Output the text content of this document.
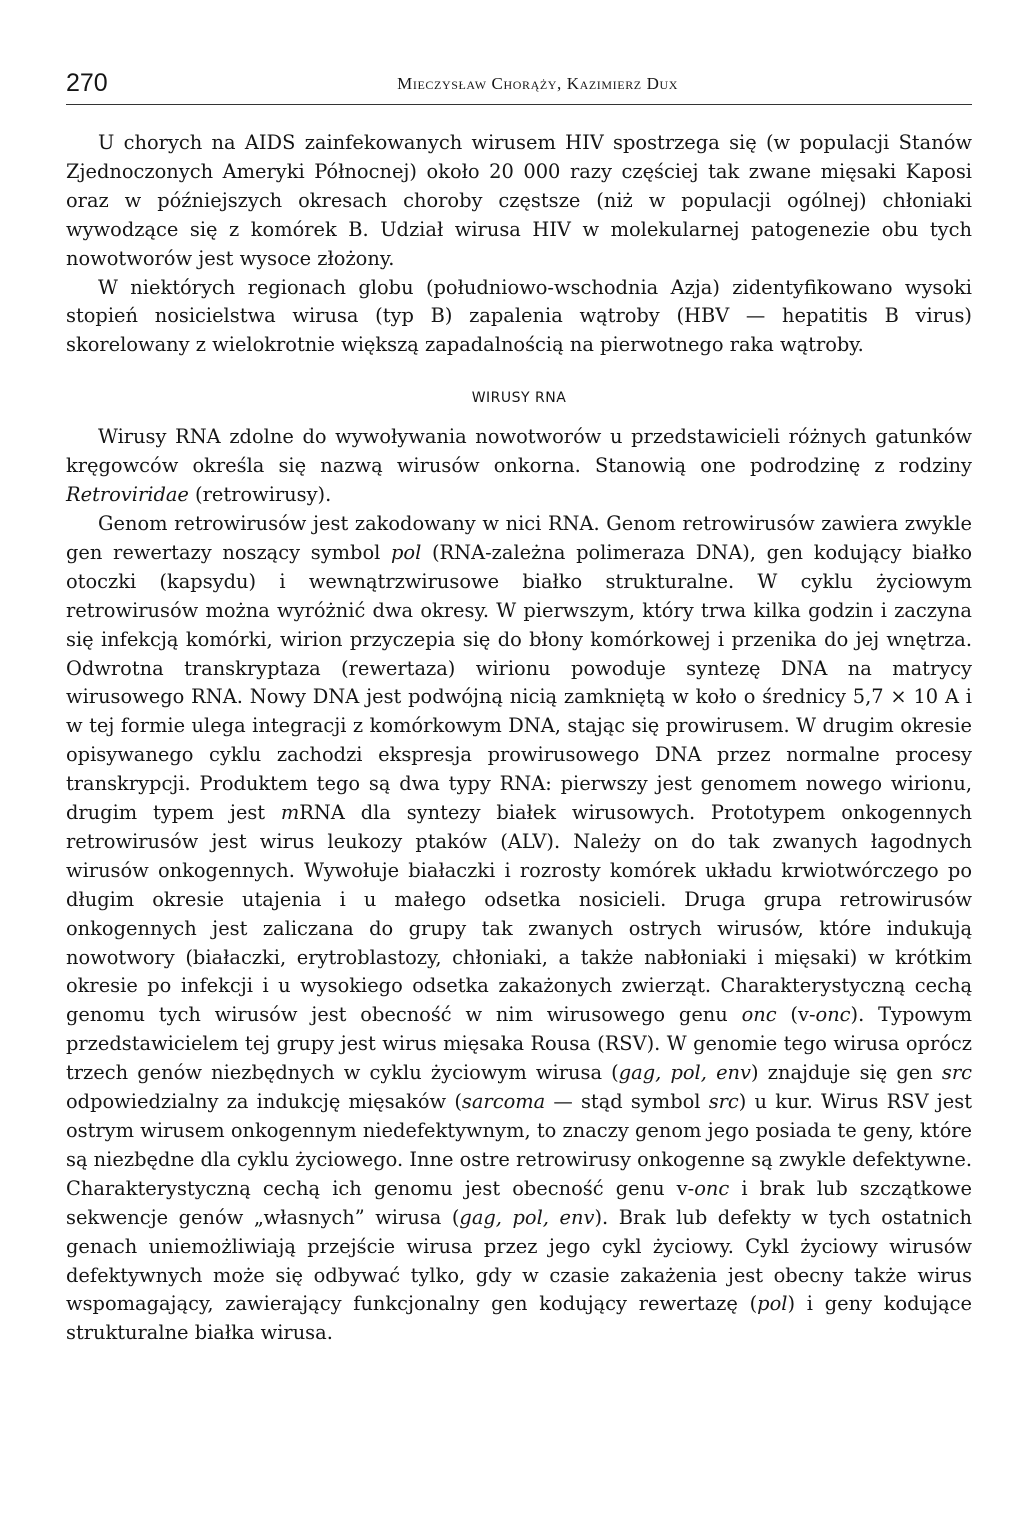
270	Mieczysław Chorąży, Kazimierz Dux

U chorych na AIDS zainfekowanych wirusem HIV spostrzega się (w populacji Stanów Zjednoczonych Ameryki Północnej) około 20 000 razy częściej tak zwane mięsaki Kaposi oraz w późniejszych okresach choroby częstsze (niż w populacji ogólnej) chłoniaki wywodzące się z komórek B. Udział wirusa HIV w molekularnej patogenezie obu tych nowotworów jest wysoce złożony.

W niektórych regionach globu (południowo-wschodnia Azja) zidentyfikowano wysoki stopień nosicielstwa wirusa (typ B) zapalenia wątroby (HBV — hepatitis B virus) skorelowany z wielokrotnie większą zapadalnością na pierwotnego raka wątroby.

WIRUSY RNA

Wirusy RNA zdolne do wywoływania nowotworów u przedstawicieli różnych gatunków kręgowców określa się nazwą wirusów onkorna. Stanowią one podrodzinę z rodziny Retroviridae (retrowirusy).

Genom retrowirusów jest zakodowany w nici RNA. Genom retrowirusów zawiera zwykle gen rewertazy noszący symbol pol (RNA-zależna polimeraza DNA), gen kodujący białko otoczki (kapsydu) i wewnątrzwirusowe białko strukturalne. W cyklu życiowym retrowirusów można wyróżnić dwa okresy. W pierwszym, który trwa kilka godzin i zaczyna się infekcją komórki, wirion przyczepia się do błony komórkowej i przenika do jej wnętrza. Odwrotna transkryptaza (rewertaza) wirionu powoduje syntezę DNA na matrycy wirusowego RNA. Nowy DNA jest podwójną nicią zamkniętą w koło o średnicy 5,7 × 10 A i w tej formie ulega integracji z komórkowym DNA, stając się prowirusem. W drugim okresie opisywanego cyklu zachodzi ekspresja prowirusowego DNA przez normalne procesy transkrypcji. Produktem tego są dwa typy RNA: pierwszy jest genomem nowego wirionu, drugim typem jest mRNA dla syntezy białek wirusowych. Prototypem onkogennych retrowirusów jest wirus leukozy ptaków (ALV). Należy on do tak zwanych łagodnych wirusów onkogennych. Wywołuje białaczki i rozrosty komórek układu krwiotwórczego po długim okresie utajenia i u małego odsetka nosicieli. Druga grupa retrowirusów onkogennych jest zaliczana do grupy tak zwanych ostrych wirusów, które indukują nowotwory (białaczki, erytroblastozy, chłoniaki, a także nabłoniaki i mięsaki) w krótkim okresie po infekcji i u wysokiego odsetka zakażonych zwierząt. Charakterystyczną cechą genomu tych wirusów jest obecność w nim wirusowego genu onc (v-onc). Typowym przedstawicielem tej grupy jest wirus mięsaka Rousa (RSV). W genomie tego wirusa oprócz trzech genów niezbędnych w cyklu życiowym wirusa (gag, pol, env) znajduje się gen src odpowiedzialny za indukcję mięsaków (sarcoma — stąd symbol src) u kur. Wirus RSV jest ostrym wirusem onkogennym niedefektywnym, to znaczy genom jego posiada te geny, które są niezbędne dla cyklu życiowego. Inne ostre retrowirusy onkogenne są zwykle defektywne. Charakterystyczną cechą ich genomu jest obecność genu v-onc i brak lub szczątkowe sekwencje genów „własnych” wirusa (gag, pol, env). Brak lub defekty w tych ostatnich genach uniemożliwiają przejście wirusa przez jego cykl życiowy. Cykl życiowy wirusów defektywnych może się odbywać tylko, gdy w czasie zakażenia jest obecny także wirus wspomagający, zawierający funkcjonalny gen kodujący rewertazę (pol) i geny kodujące strukturalne białka wirusa.
